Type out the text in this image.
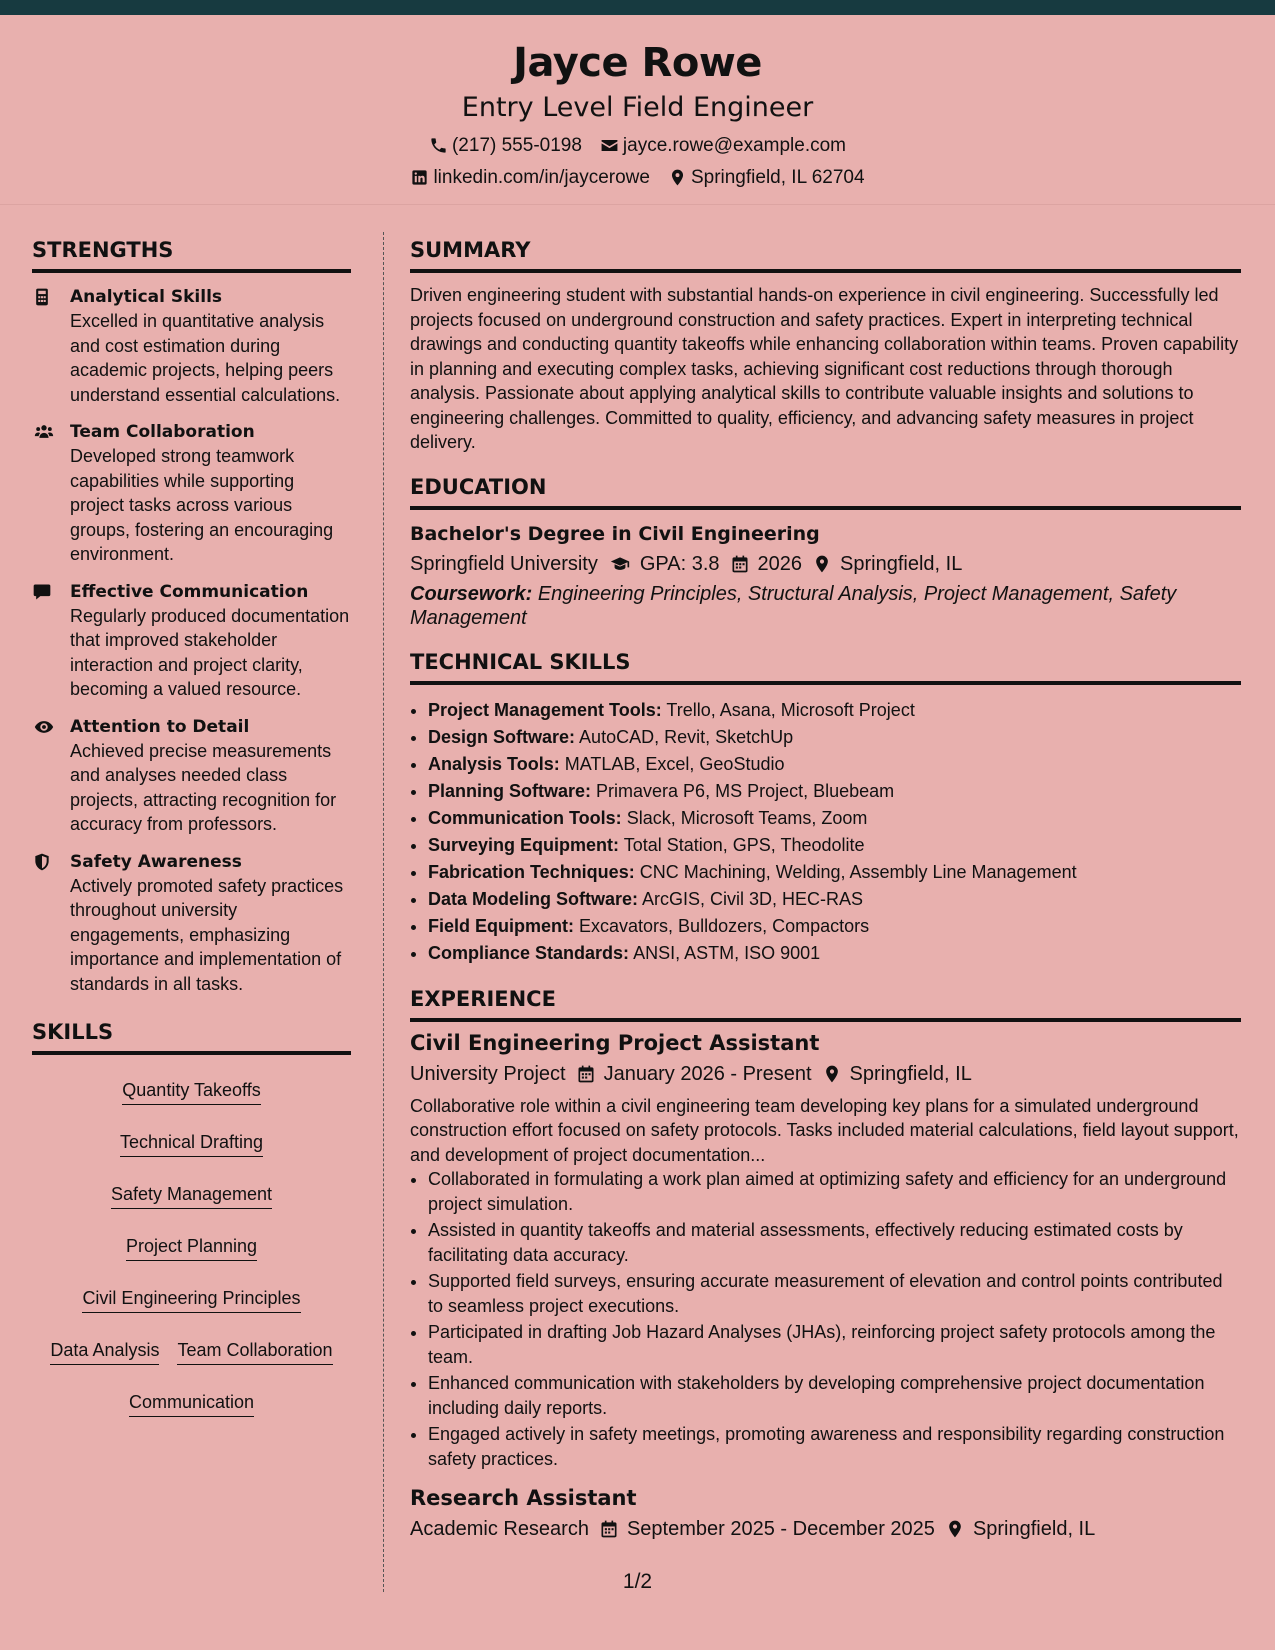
Jayce Rowe
Entry Level Field Engineer
(217) 555-0198 jayce.rowe@example.com
linkedin.com/in/jaycerowe Springfield, IL 62704
STRENGTHS
Analytical Skills
Excelled in quantitative analysis and cost estimation during academic projects, helping peers understand essential calculations.
Team Collaboration
Developed strong teamwork capabilities while supporting project tasks across various groups, fostering an encouraging environment.
Effective Communication
Regularly produced documentation that improved stakeholder interaction and project clarity, becoming a valued resource.
Attention to Detail
Achieved precise measurements and analyses needed class projects, attracting recognition for accuracy from professors.
Safety Awareness
Actively promoted safety practices throughout university engagements, emphasizing importance and implementation of standards in all tasks.
SKILLS
Quantity Takeoffs
Technical Drafting
Safety Management
Project Planning
Civil Engineering Principles
Data Analysis Team Collaboration
Communication
SUMMARY
Driven engineering student with substantial hands-on experience in civil engineering. Successfully led projects focused on underground construction and safety practices. Expert in interpreting technical drawings and conducting quantity takeoffs while enhancing collaboration within teams. Proven capability in planning and executing complex tasks, achieving significant cost reductions through thorough analysis. Passionate about applying analytical skills to contribute valuable insights and solutions to engineering challenges. Committed to quality, efficiency, and advancing safety measures in project delivery.
EDUCATION
Bachelor's Degree in Civil Engineering
Springfield University GPA: 3.8 2026 Springfield, IL
Coursework: Engineering Principles, Structural Analysis, Project Management, Safety Management
TECHNICAL SKILLS
• Project Management Tools: Trello, Asana, Microsoft Project
• Design Software: AutoCAD, Revit, SketchUp
• Analysis Tools: MATLAB, Excel, GeoStudio
• Planning Software: Primavera P6, MS Project, Bluebeam
• Communication Tools: Slack, Microsoft Teams, Zoom
• Surveying Equipment: Total Station, GPS, Theodolite
• Fabrication Techniques: CNC Machining, Welding, Assembly Line Management
• Data Modeling Software: ArcGIS, Civil 3D, HEC-RAS
• Field Equipment: Excavators, Bulldozers, Compactors
• Compliance Standards: ANSI, ASTM, ISO 9001
EXPERIENCE
Civil Engineering Project Assistant
University Project January 2026 - Present Springfield, IL
Collaborative role within a civil engineering team developing key plans for a simulated underground construction effort focused on safety protocols. Tasks included material calculations, field layout support, and development of project documentation...
• Collaborated in formulating a work plan aimed at optimizing safety and efficiency for an underground project simulation.
• Assisted in quantity takeoffs and material assessments, effectively reducing estimated costs by facilitating data accuracy.
• Supported field surveys, ensuring accurate measurement of elevation and control points contributed to seamless project executions.
• Participated in drafting Job Hazard Analyses (JHAs), reinforcing project safety protocols among the team.
• Enhanced communication with stakeholders by developing comprehensive project documentation including daily reports.
• Engaged actively in safety meetings, promoting awareness and responsibility regarding construction safety practices.
Research Assistant
Academic Research September 2025 - December 2025 Springfield, IL
1/2
